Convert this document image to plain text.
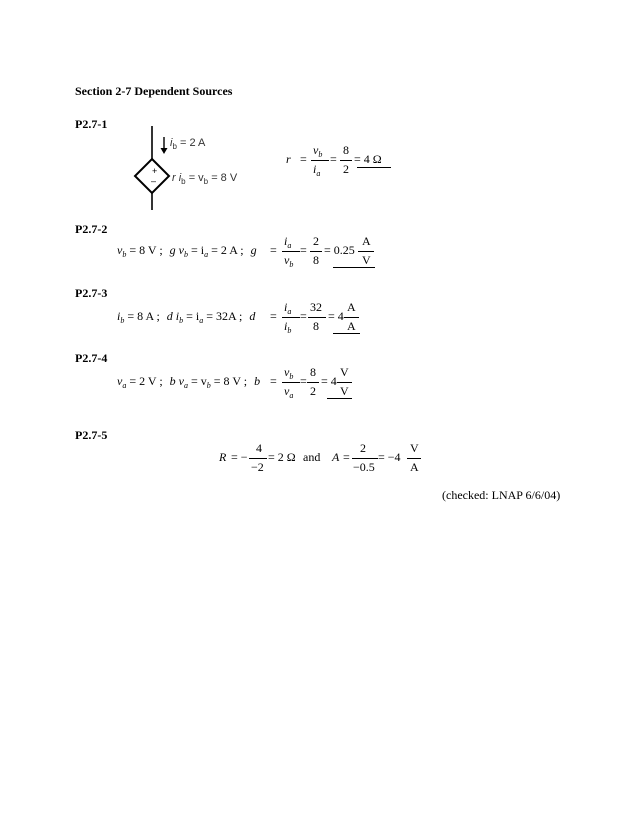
Section 2-7 Dependent Sources
P2.7-1
+
–
$i_b = 2$ A
r $i_b = v_b = 8$ V
r =
$v_b$
$i_a$
=
8
2
= 4 Ω
P2.7-2
$v_b = 8$ V ; g $v_b = i_a = 2$ A ; g =
$i_a$
$v_b$
=
2
8
= 0.25
A
V
P2.7-3
$i_b = 8$ A ; d $i_b = i_a = 32A$ ; d =
$i_a$
$i_b$
=
32
8
= 4
A
A
P2.7-4
$v_a = 2$ V ; b $v_a = v_b = 8$ V ; b =
$v_b$
$v_a$
=
8
2
= 4
V
V
P2.7-5
R = −
4
−2
= 2 Ω and A =
2
−0.5
= −4
V
A
(checked: LNAP 6/6/04)
